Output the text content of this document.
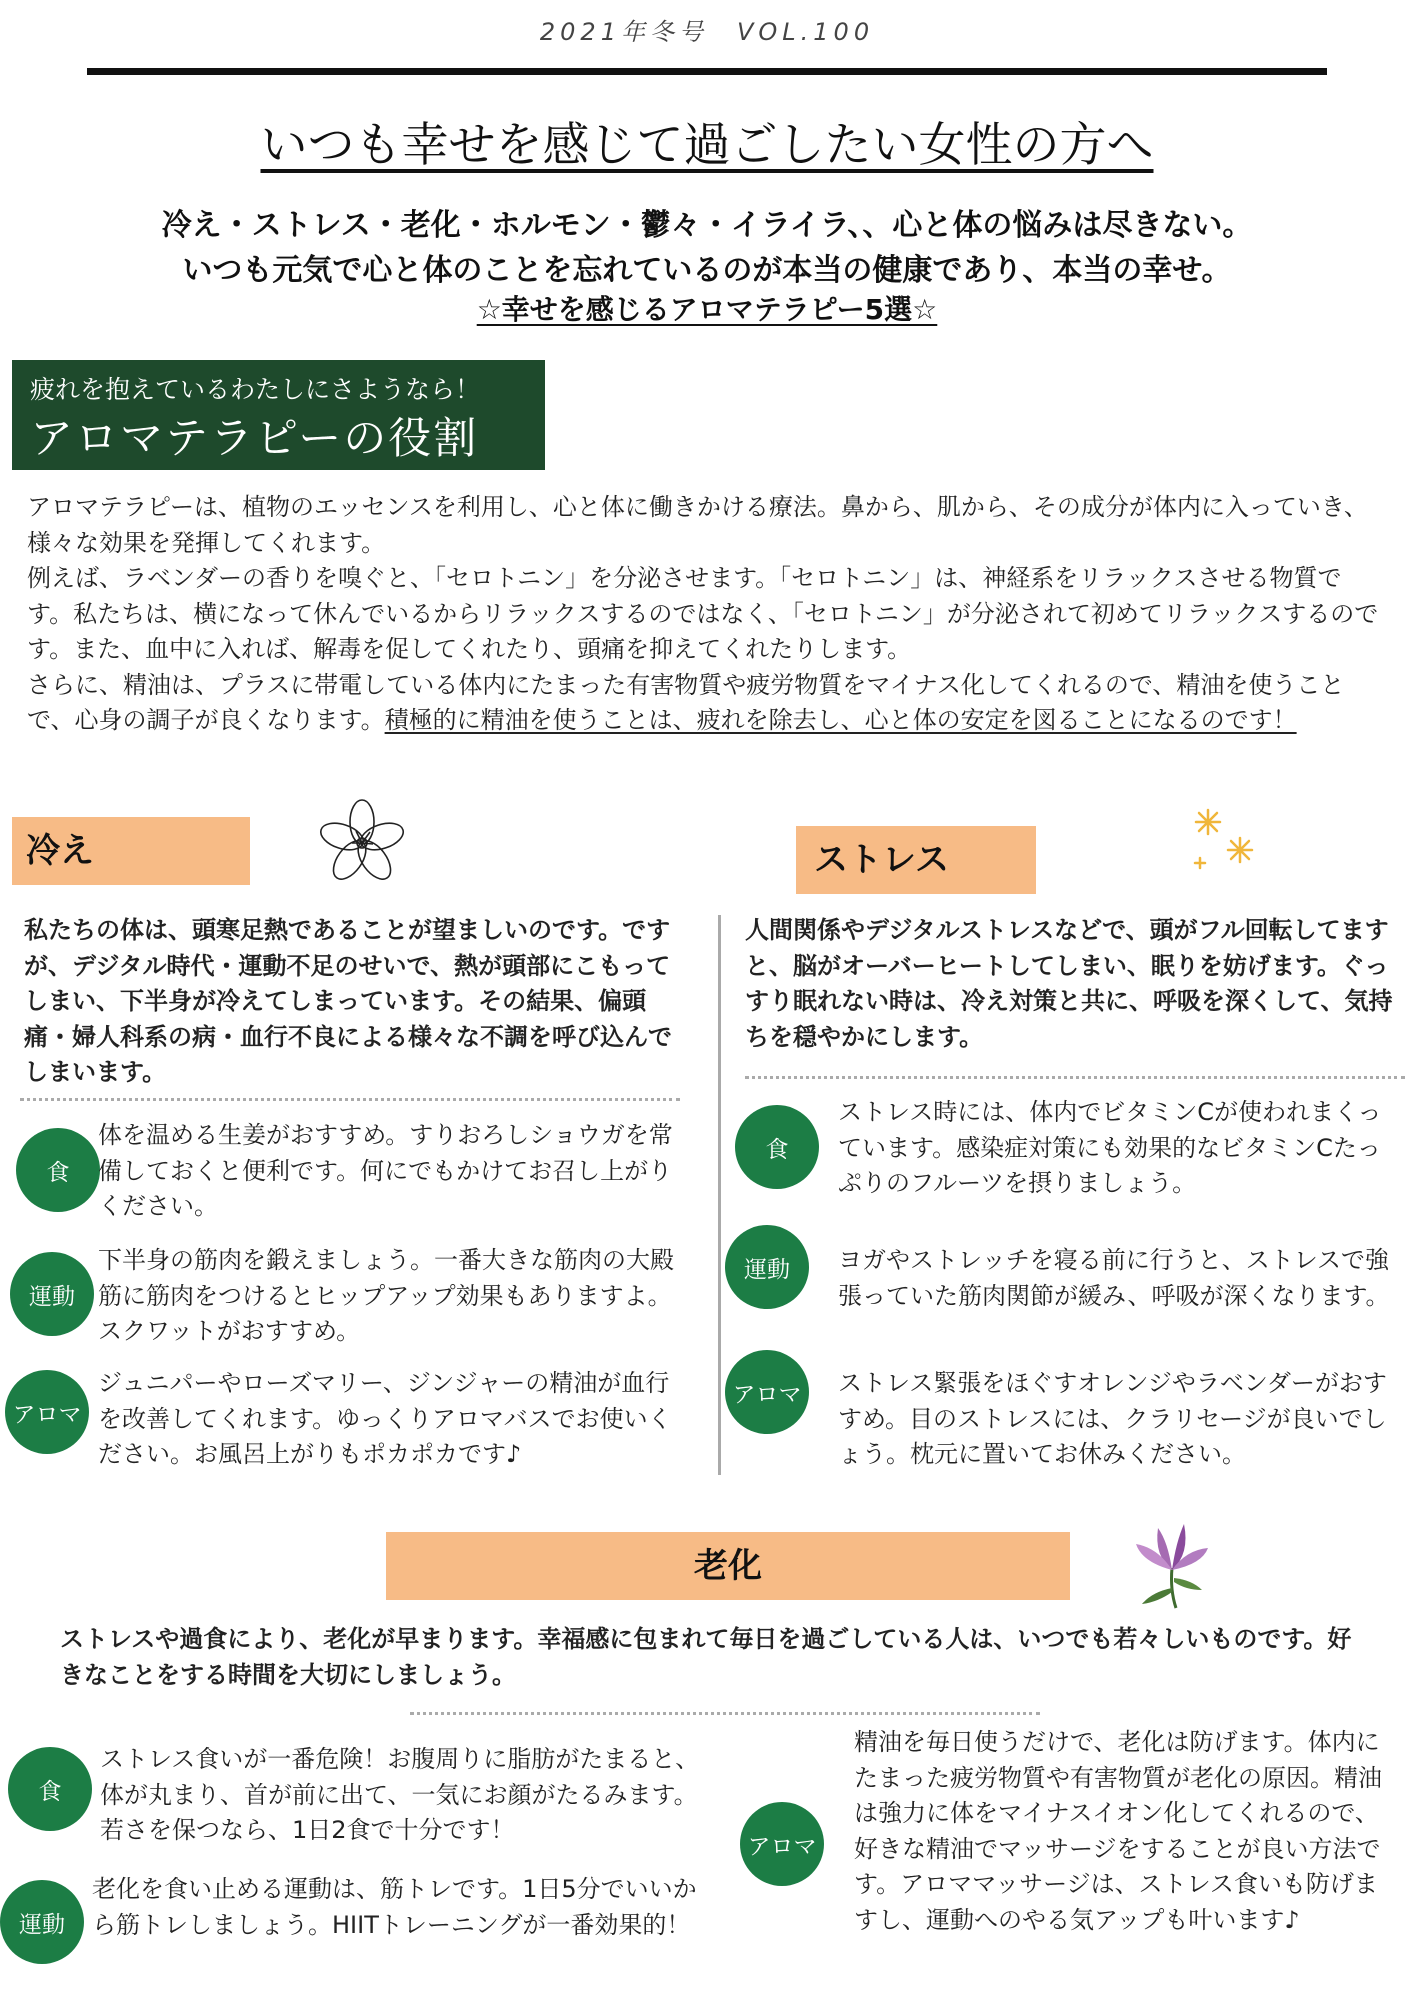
2021年冬号　VOL.100
いつも幸せを感じて過ごしたい女性の方へ
冷え・ストレス・老化・ホルモン・鬱々・イライラ、、心と体の悩みは尽きない。
いつも元気で心と体のことを忘れているのが本当の健康であり、本当の幸せ。
☆幸せを感じるアロマテラピー5選☆
疲れを抱えているわたしにさようなら！
アロマテラピーの役割

アロマテラピーは、植物のエッセンスを利用し、心と体に働きかける療法。鼻から、肌から、その成分が体内に入っていき、様々な効果を発揮してくれます。

例えば、ラベンダーの香りを嗅ぐと、「セロトニン」を分泌させます。「セロトニン」は、神経系をリラックスさせる物質です。私たちは、横になって休んでいるからリラックスするのではなく、「セロトニン」が分泌されて初めてリラックスするのです。また、血中に入れば、解毒を促してくれたり、頭痛を抑えてくれたりします。

さらに、精油は、プラスに帯電している体内にたまった有害物質や疲労物質をマイナス化してくれるので、精油を使うことで、心身の調子が良くなります。積極的に精油を使うことは、疲れを除去し、心と体の安定を図ることになるのです！

冷え
私たちの体は、頭寒足熱であることが望ましいのです。ですが、デジタル時代・運動不足のせいで、熱が頭部にこもってしまい、下半身が冷えてしまっています。その結果、偏頭痛・婦人科系の病・血行不良による様々な不調を呼び込んでしまいます。
食
体を温める生姜がおすすめ。すりおろしショウガを常備しておくと便利です。何にでもかけてお召し上がりください。
運動
下半身の筋肉を鍛えましょう。一番大きな筋肉の大殿筋に筋肉をつけるとヒップアップ効果もありますよ。スクワットがおすすめ。
アロマ
ジュニパーやローズマリー、ジンジャーの精油が血行を改善してくれます。ゆっくりアロマバスでお使いください。お風呂上がりもポカポカです♪
ストレス
人間関係やデジタルストレスなどで、頭がフル回転してますと、脳がオーバーヒートしてしまい、眠りを妨げます。ぐっすり眠れない時は、冷え対策と共に、呼吸を深くして、気持ちを穏やかにします。
食
ストレス時には、体内でビタミンCが使われまくっています。感染症対策にも効果的なビタミンCたっぷりのフルーツを摂りましょう。
運動	ヨガやストレッチを寝る前に行うと、ストレスで強張っていた筋肉関節が緩み、呼吸が深くなります。
アロマ	ストレス緊張をほぐすオレンジやラベンダーがおすすめ。目のストレスには、クラリセージが良いでしょう。枕元に置いてお休みください。
老化
ストレスや過食により、老化が早まります。幸福感に包まれて毎日を過ごしている人は、いつでも若々しいものです。好きなことをする時間を大切にしましょう。
食
ストレス食いが一番危険！お腹周りに脂肪がたまると、体が丸まり、首が前に出て、一気にお顔がたるみます。若さを保つなら、1日2食で十分です！
運動
老化を食い止める運動は、筋トレです。1日5分でいいから筋トレしましょう。HIITトレーニングが一番効果的！
アロマ
精油を毎日使うだけで、老化は防げます。体内にたまった疲労物質や有害物質が老化の原因。精油は強力に体をマイナスイオン化してくれるので、好きな精油でマッサージをすることが良い方法です。アロママッサージは、ストレス食いも防げますし、運動へのやる気アップも叶います♪
